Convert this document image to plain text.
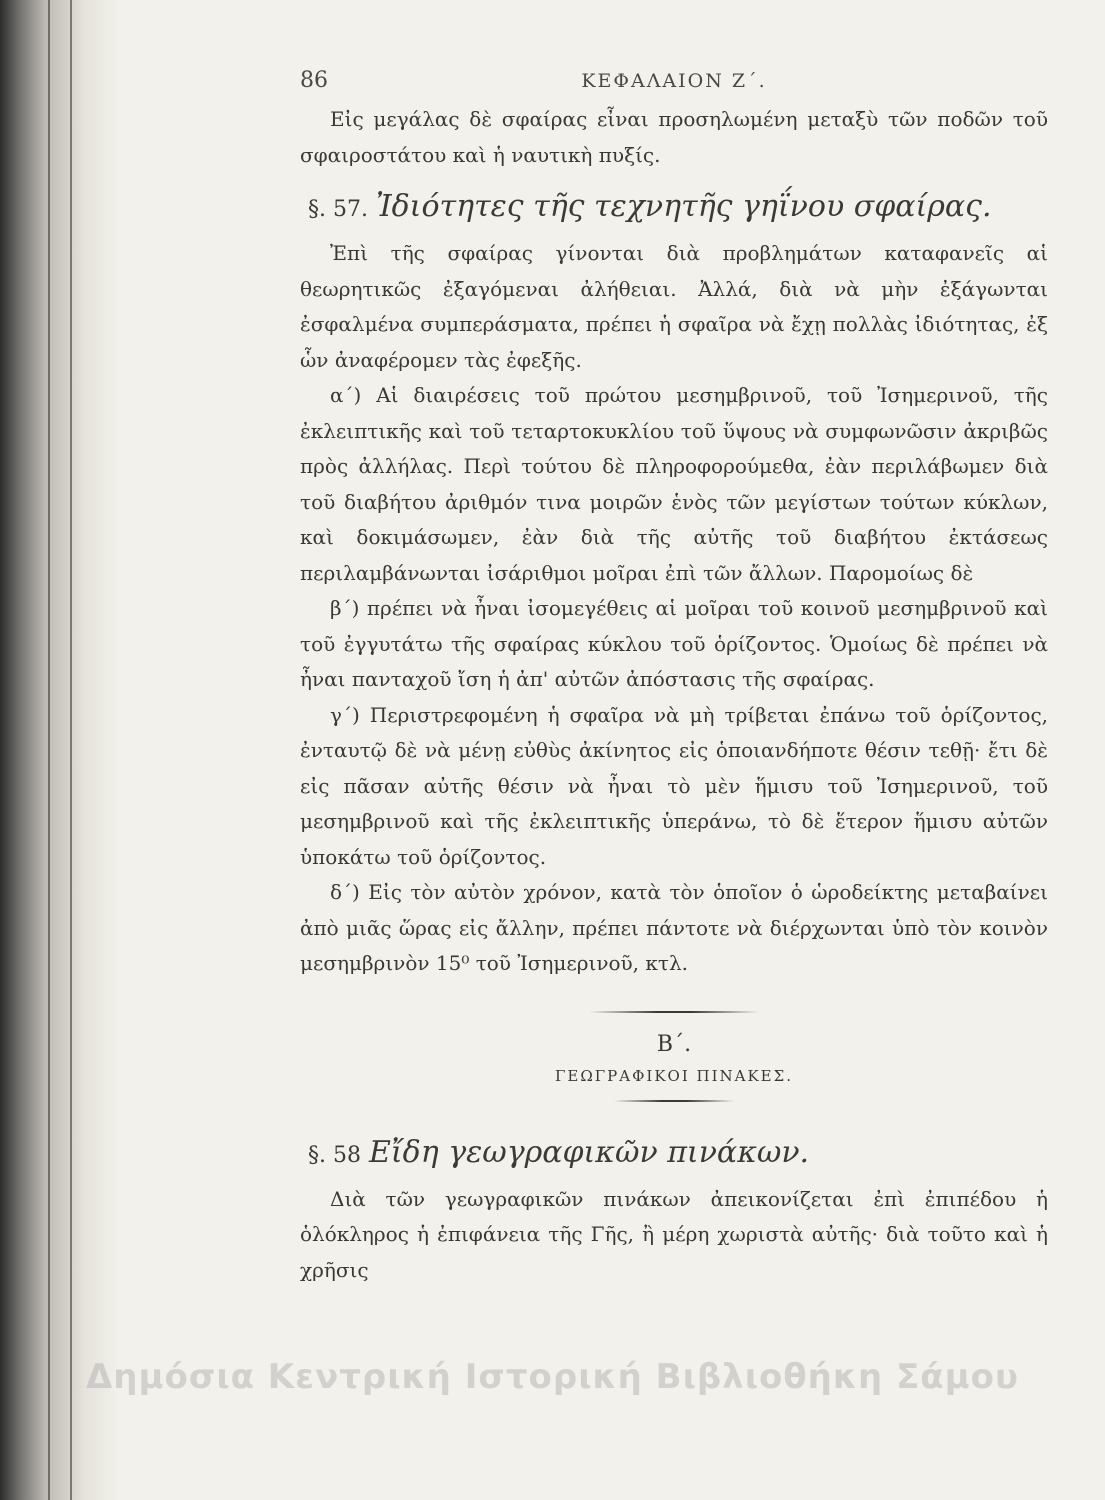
86	ΚΕΦΑΛΑΙΟΝ Ζ΄.

Εἰς μεγάλας δὲ σφαίρας εἶναι προσηλωμένη μεταξὺ τῶν ποδῶν τοῦ σφαιροστάτου καὶ ἡ ναυτικὴ πυξίς.

§. 57. Ἰδιότητες τῆς τεχνητῆς γηΐνου σφαίρας.

Ἐπὶ τῆς σφαίρας γίνονται διὰ προβλημάτων καταφανεῖς αἱ θεωρητικῶς ἐξαγόμεναι ἀλήθειαι. Ἀλλά, διὰ νὰ μὴν ἐξάγωνται ἐσφαλμένα συμπεράσματα, πρέπει ἡ σφαῖρα νὰ ἔχῃ πολλὰς ἰδιότητας, ἐξ ὧν ἀναφέρομεν τὰς ἐφεξῆς.

α΄) Αἱ διαιρέσεις τοῦ πρώτου μεσημβρινοῦ, τοῦ Ἰσημερινοῦ, τῆς ἐκλειπτικῆς καὶ τοῦ τεταρτοκυκλίου τοῦ ὕψους νὰ συμφωνῶσιν ἀκριβῶς πρὸς ἀλλήλας. Περὶ τούτου δὲ πληροφορούμεθα, ἐὰν περιλάβωμεν διὰ τοῦ διαβήτου ἀριθμόν τινα μοιρῶν ἑνὸς τῶν μεγίστων τούτων κύκλων, καὶ δοκιμάσωμεν, ἐὰν διὰ τῆς αὐτῆς τοῦ διαβήτου ἐκτάσεως περιλαμβάνωνται ἰσάριθμοι μοῖραι ἐπὶ τῶν ἄλλων. Παρομοίως δὲ

β΄) πρέπει νὰ ἦναι ἰσομεγέθεις αἱ μοῖραι τοῦ κοινοῦ μεσημβρινοῦ καὶ τοῦ ἐγγυτάτω τῆς σφαίρας κύκλου τοῦ ὁρίζοντος. Ὁμοίως δὲ πρέπει νὰ ἦναι πανταχοῦ ἴση ἡ ἀπ' αὐτῶν ἀπόστασις τῆς σφαίρας.

γ΄) Περιστρεφομένη ἡ σφαῖρα νὰ μὴ τρίβεται ἐπάνω τοῦ ὁρίζοντος, ἐνταυτῷ δὲ νὰ μένῃ εὐθὺς ἀκίνητος εἰς ὁποιανδήποτε θέσιν τεθῇ· ἔτι δὲ εἰς πᾶσαν αὐτῆς θέσιν νὰ ἦναι τὸ μὲν ἥμισυ τοῦ Ἰσημερινοῦ, τοῦ μεσημβρινοῦ καὶ τῆς ἐκλειπτικῆς ὑπεράνω, τὸ δὲ ἕτερον ἥμισυ αὐτῶν ὑποκάτω τοῦ ὁρίζοντος.

δ΄) Εἰς τὸν αὐτὸν χρόνον, κατὰ τὸν ὁποῖον ὁ ὡροδείκτης μεταβαίνει ἀπὸ μιᾶς ὥρας εἰς ἄλλην, πρέπει πάντοτε νὰ διέρχωνται ὑπὸ τὸν κοινὸν μεσημβρινὸν 15⁰ τοῦ Ἰσημερινοῦ, κτλ.

Β΄.
ΓΕΩΓΡΑΦΙΚΟΙ ΠΙΝΑΚΕΣ.
§. 58 Εἴδη γεωγραφικῶν πινάκων.

Διὰ τῶν γεωγραφικῶν πινάκων ἀπεικονίζεται ἐπὶ ἐπιπέδου ἡ ὁλόκληρος ἡ ἐπιφάνεια τῆς Γῆς, ἢ μέρη χωριστὰ αὐτῆς· διὰ τοῦτο καὶ ἡ χρῆσις

Δημόσια Κεντρική Ιστορική Βιβλιοθήκη Σάμου
